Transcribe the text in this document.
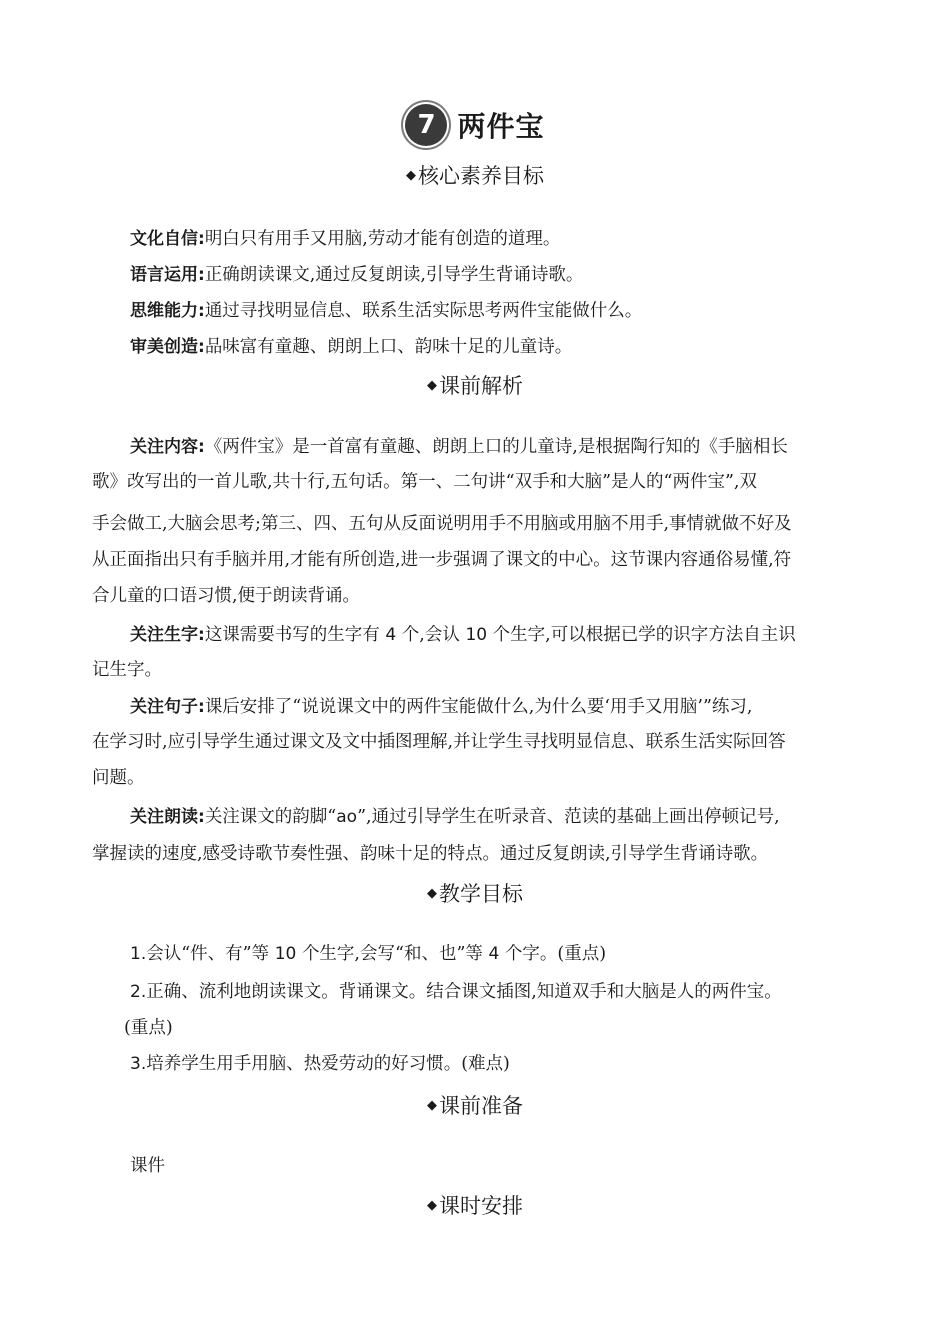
7 两件宝
◆核心素养目标
文化自信:明白只有用手又用脑,劳动才能有创造的道理。
语言运用:正确朗读课文,通过反复朗读,引导学生背诵诗歌。
思维能力:通过寻找明显信息、联系生活实际思考两件宝能做什么。
审美创造:品味富有童趣、朗朗上口、韵味十足的儿童诗。
◆课前解析
关注内容:《两件宝》是一首富有童趣、朗朗上口的儿童诗,是根据陶行知的《手脑相长
歌》改写出的一首儿歌,共十行,五句话。第一、二句讲“双手和大脑”是人的“两件宝”,双
手会做工,大脑会思考;第三、四、五句从反面说明用手不用脑或用脑不用手,事情就做不好及
从正面指出只有手脑并用,才能有所创造,进一步强调了课文的中心。这节课内容通俗易懂,符
合儿童的口语习惯,便于朗读背诵。
关注生字:这课需要书写的生字有 4 个,会认 10 个生字,可以根据已学的识字方法自主识
记生字。
关注句子:课后安排了“说说课文中的两件宝能做什么,为什么要‘用手又用脑’”练习,
在学习时,应引导学生通过课文及文中插图理解,并让学生寻找明显信息、联系生活实际回答
问题。
关注朗读:关注课文的韵脚“ao”,通过引导学生在听录音、范读的基础上画出停顿记号,
掌握读的速度,感受诗歌节奏性强、韵味十足的特点。通过反复朗读,引导学生背诵诗歌。
◆教学目标
1.会认“件、有”等 10 个生字,会写“和、也”等 4 个字。(重点)
2.正确、流利地朗读课文。背诵课文。结合课文插图,知道双手和大脑是人的两件宝。
(重点)
3.培养学生用手用脑、热爱劳动的好习惯。(难点)
◆课前准备
课件
◆课时安排
